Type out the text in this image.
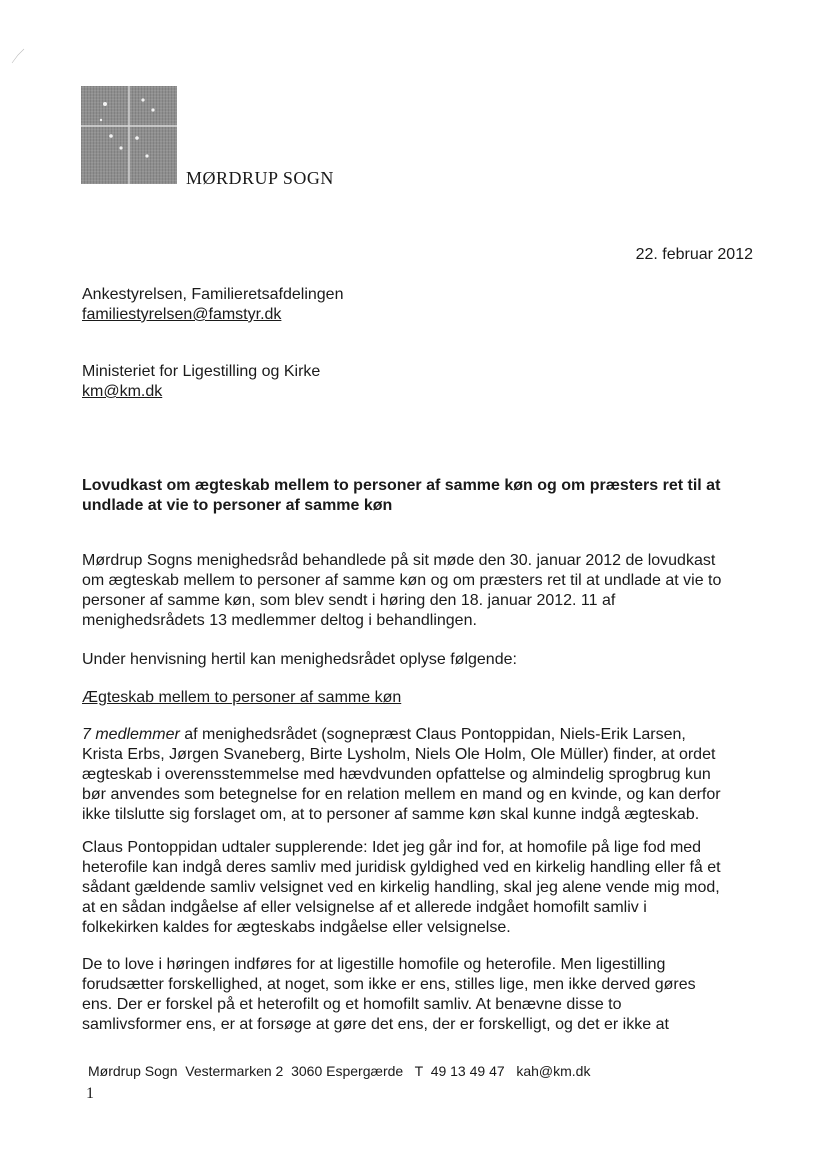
MØRDRUP SOGN
22. februar 2012
Ankestyrelsen, Familieretsafdelingen
familiestyrelsen@famstyr.dk
Ministeriet for Ligestilling og Kirke
km@km.dk
Lovudkast om ægteskab mellem to personer af samme køn og om præsters ret til at
undlade at vie to personer af samme køn
Mørdrup Sogns menighedsråd behandlede på sit møde den 30. januar 2012 de lovudkast
om ægteskab mellem to personer af samme køn og om præsters ret til at undlade at vie to
personer af samme køn, som blev sendt i høring den 18. januar 2012. 11 af
menighedsrådets 13 medlemmer deltog i behandlingen.
Under henvisning hertil kan menighedsrådet oplyse følgende:
Ægteskab mellem to personer af samme køn
7 medlemmer af menighedsrådet (sognepræst Claus Pontoppidan, Niels-Erik Larsen,
Krista Erbs, Jørgen Svaneberg, Birte Lysholm, Niels Ole Holm, Ole Müller) finder, at ordet
ægteskab i overensstemmelse med hævdvunden opfattelse og almindelig sprogbrug kun
bør anvendes som betegnelse for en relation mellem en mand og en kvinde, og kan derfor
ikke tilslutte sig forslaget om, at to personer af samme køn skal kunne indgå ægteskab.
Claus Pontoppidan udtaler supplerende: Idet jeg går ind for, at homofile på lige fod med
heterofile kan indgå deres samliv med juridisk gyldighed ved en kirkelig handling eller få et
sådant gældende samliv velsignet ved en kirkelig handling, skal jeg alene vende mig mod,
at en sådan indgåelse af eller velsignelse af et allerede indgået homofilt samliv i
folkekirken kaldes for ægteskabs indgåelse eller velsignelse.
De to love i høringen indføres for at ligestille homofile og heterofile. Men ligestilling
forudsætter forskellighed, at noget, som ikke er ens, stilles lige, men ikke derved gøres
ens. Der er forskel på et heterofilt og et homofilt samliv. At benævne disse to
samlivsformer ens, er at forsøge at gøre det ens, der er forskelligt, og det er ikke at
Mørdrup Sogn Vestermarken 2 3060 Espergærde T  49 13 49 47 kah@km.dk
1
